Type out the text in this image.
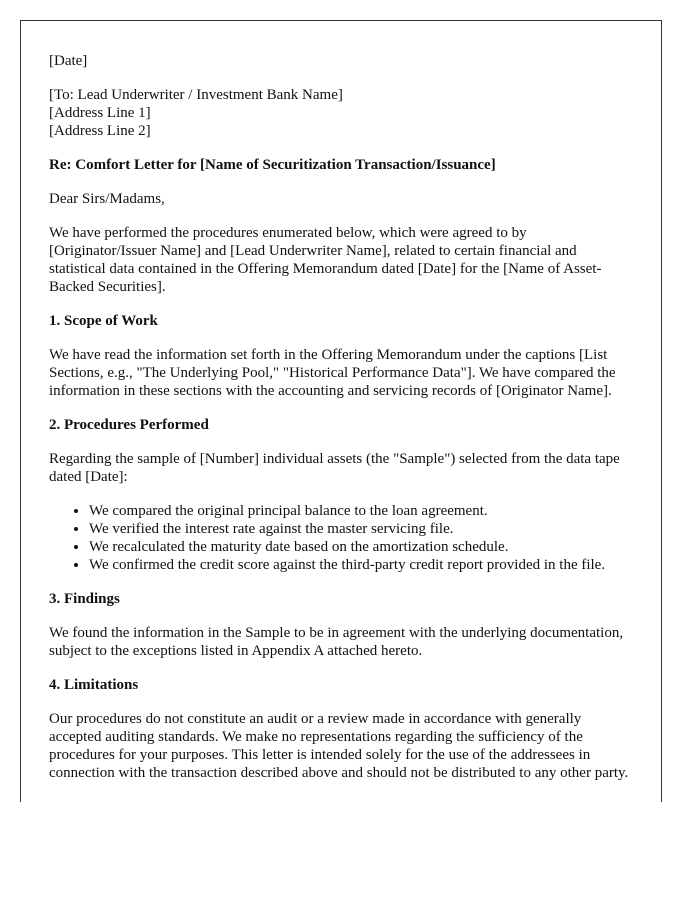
[Date]

[To: Lead Underwriter / Investment Bank Name]
[Address Line 1]
[Address Line 2]

Re: Comfort Letter for [Name of Securitization Transaction/Issuance]

Dear Sirs/Madams,

We have performed the procedures enumerated below, which were agreed to by [Originator/Issuer Name] and [Lead Underwriter Name], related to certain financial and statistical data contained in the Offering Memorandum dated [Date] for the [Name of Asset-Backed Securities].

1. Scope of Work

We have read the information set forth in the Offering Memorandum under the captions [List Sections, e.g., "The Underlying Pool," "Historical Performance Data"]. We have compared the information in these sections with the accounting and servicing records of [Originator Name].

2. Procedures Performed

Regarding the sample of [Number] individual assets (the "Sample") selected from the data tape dated [Date]:

• We compared the original principal balance to the loan agreement.
• We verified the interest rate against the master servicing file.
• We recalculated the maturity date based on the amortization schedule.
• We confirmed the credit score against the third-party credit report provided in the file.
3. Findings

We found the information in the Sample to be in agreement with the underlying documentation, subject to the exceptions listed in Appendix A attached hereto.

4. Limitations

Our procedures do not constitute an audit or a review made in accordance with generally accepted auditing standards. We make no representations regarding the sufficiency of the procedures for your purposes. This letter is intended solely for the use of the addressees in connection with the transaction described above and should not be distributed to any other party.
